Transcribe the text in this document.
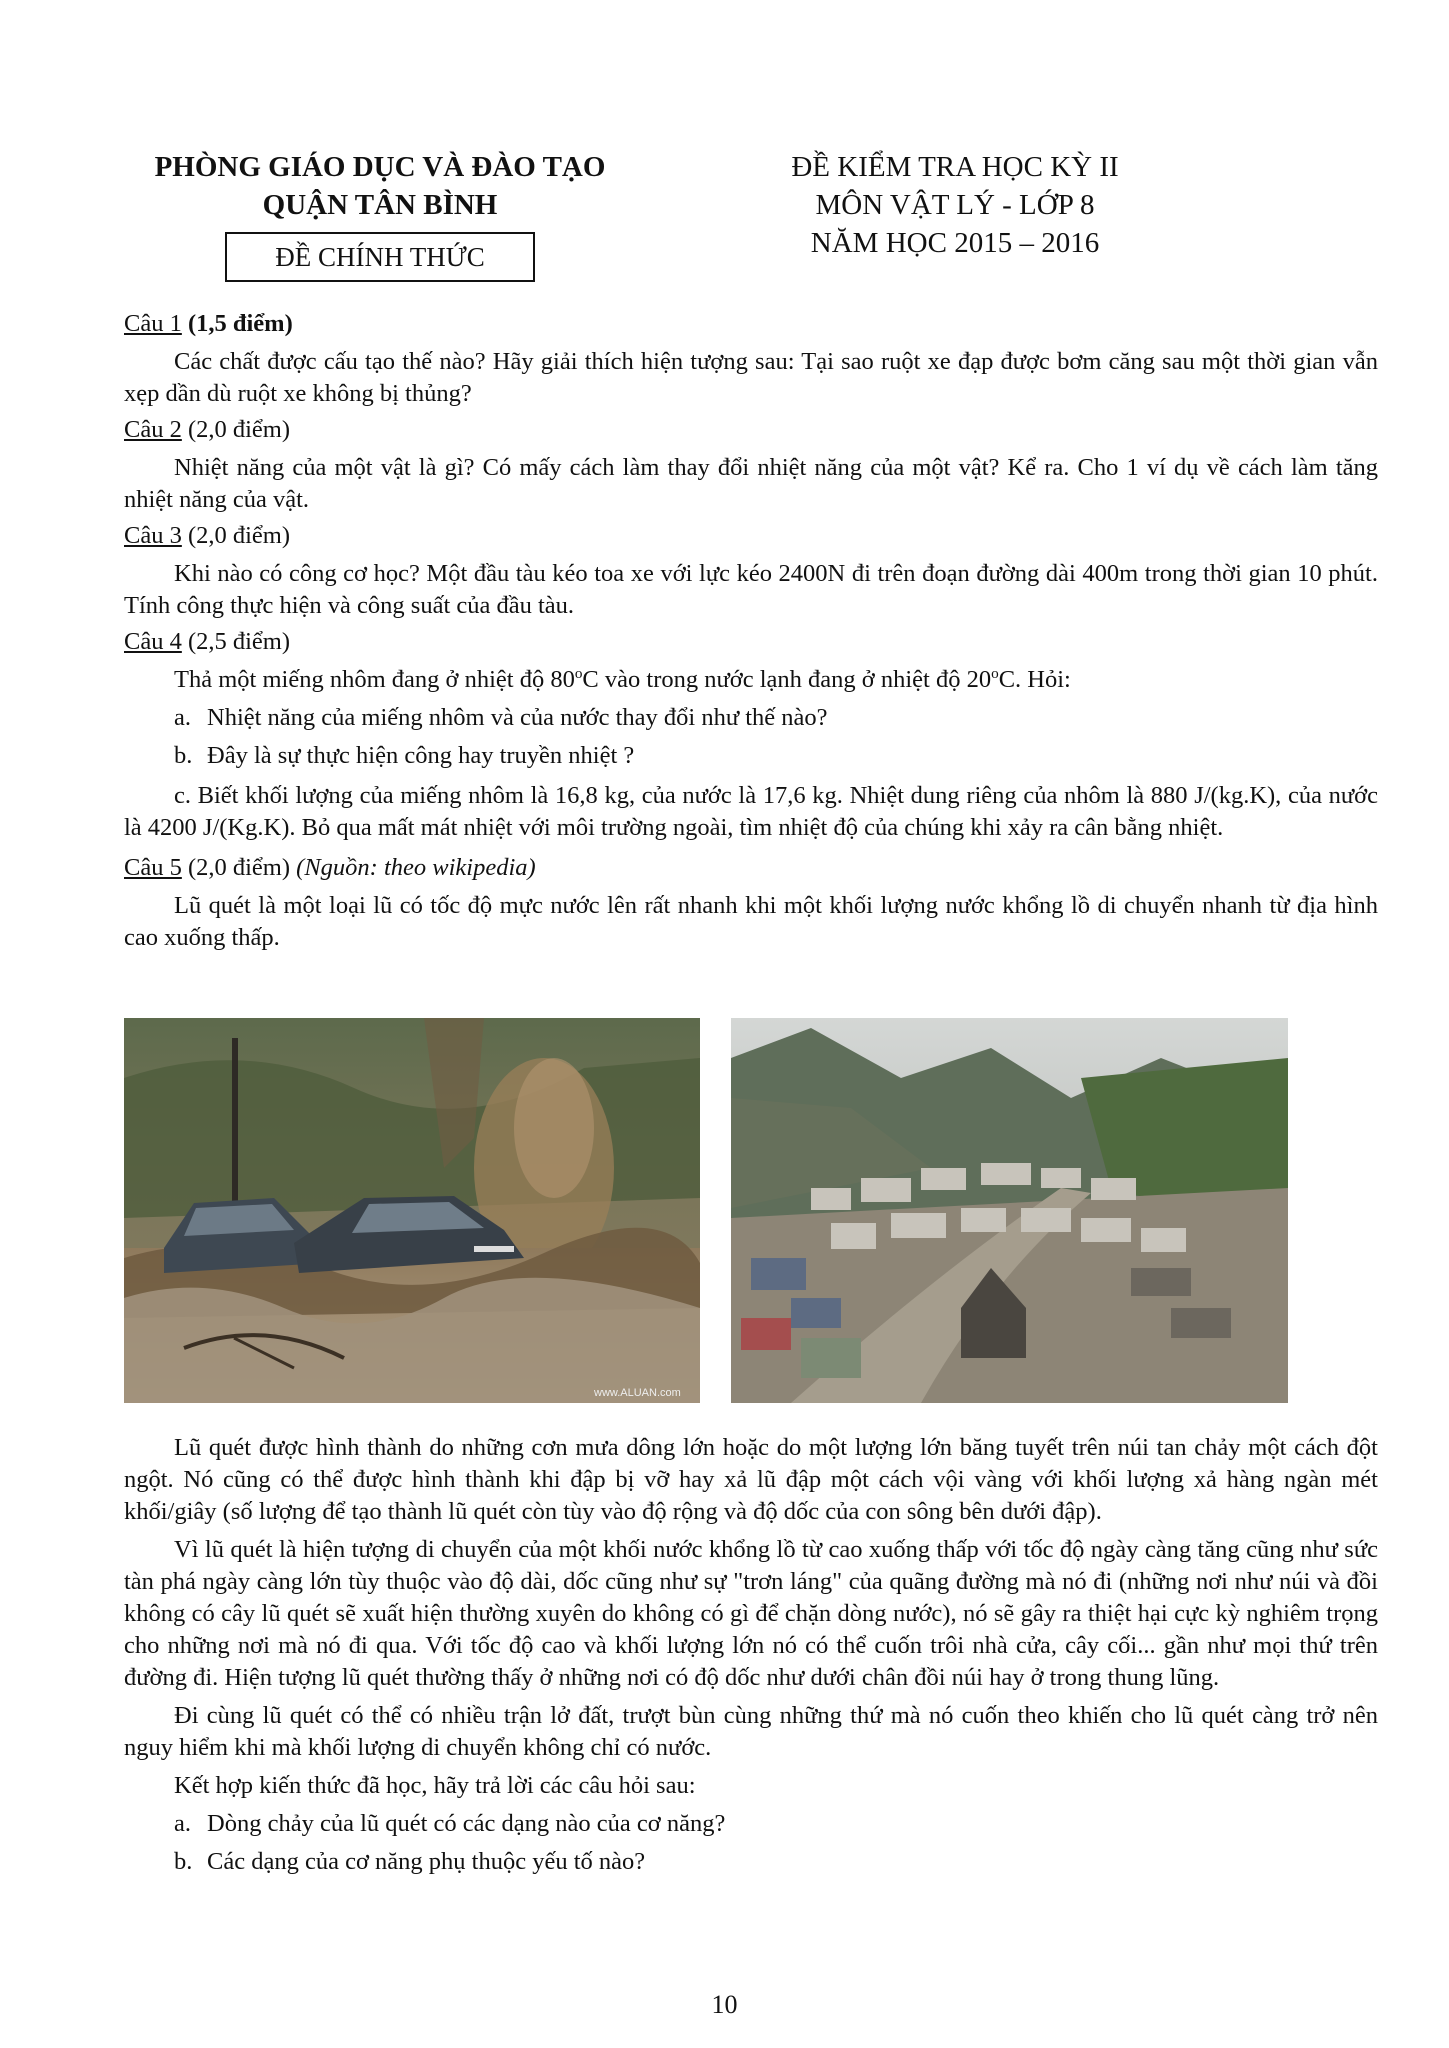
PHÒNG GIÁO DỤC VÀ ĐÀO TẠO
QUẬN TÂN BÌNH
ĐỀ CHÍNH THỨC
ĐỀ KIỂM TRA HỌC KỲ II
MÔN VẬT LÝ - LỚP 8
NĂM HỌC 2015 – 2016
Câu 1 (1,5 điểm)
Các chất được cấu tạo thế nào? Hãy giải thích hiện tượng sau: Tại sao ruột xe đạp được bơm căng sau một thời gian vẫn xẹp dần dù ruột xe không bị thủng?
Câu 2 (2,0 điểm)
Nhiệt năng của một vật là gì? Có mấy cách làm thay đổi nhiệt năng của một vật? Kể ra. Cho 1 ví dụ về cách làm tăng nhiệt năng của vật.
Câu 3 (2,0 điểm)
Khi nào có công cơ học? Một đầu tàu kéo toa xe với lực kéo 2400N đi trên đoạn đường dài 400m trong thời gian 10 phút. Tính công thực hiện và công suất của đầu tàu.
Câu 4 (2,5 điểm)
Thả một miếng nhôm đang ở nhiệt độ 80$^o$C vào trong nước lạnh đang ở nhiệt độ 20$^o$C. Hỏi:
a. Nhiệt năng của miếng nhôm và của nước thay đổi như thế nào?
b. Đây là sự thực hiện công hay truyền nhiệt ?
c. Biết khối lượng của miếng nhôm là 16,8 kg, của nước là 17,6 kg. Nhiệt dung riêng của nhôm là 880 J/(kg.K), của nước là 4200 J/(Kg.K). Bỏ qua mất mát nhiệt với môi trường ngoài, tìm nhiệt độ của chúng khi xảy ra cân bằng nhiệt.
Câu 5 (2,0 điểm) (Nguồn: theo wikipedia)
Lũ quét là một loại lũ có tốc độ mực nước lên rất nhanh khi một khối lượng nước khổng lồ di chuyển nhanh từ địa hình cao xuống thấp.
www.ALUAN.com
Lũ quét được hình thành do những cơn mưa dông lớn hoặc do một lượng lớn băng tuyết trên núi tan chảy một cách đột ngột. Nó cũng có thể được hình thành khi đập bị vỡ hay xả lũ đập một cách vội vàng với khối lượng xả hàng ngàn mét khối/giây (số lượng để tạo thành lũ quét còn tùy vào độ rộng và độ dốc của con sông bên dưới đập).
Vì lũ quét là hiện tượng di chuyển của một khối nước khổng lồ từ cao xuống thấp với tốc độ ngày càng tăng cũng như sức tàn phá ngày càng lớn tùy thuộc vào độ dài, dốc cũng như sự "trơn láng" của quãng đường mà nó đi (những nơi như núi và đồi không có cây lũ quét sẽ xuất hiện thường xuyên do không có gì để chặn dòng nước), nó sẽ gây ra thiệt hại cực kỳ nghiêm trọng cho những nơi mà nó đi qua. Với tốc độ cao và khối lượng lớn nó có thể cuốn trôi nhà cửa, cây cối... gần như mọi thứ trên đường đi. Hiện tượng lũ quét thường thấy ở những nơi có độ dốc như dưới chân đồi núi hay ở trong thung lũng.
Đi cùng lũ quét có thể có nhiều trận lở đất, trượt bùn cùng những thứ mà nó cuốn theo khiến cho lũ quét càng trở nên nguy hiểm khi mà khối lượng di chuyển không chỉ có nước.
Kết hợp kiến thức đã học, hãy trả lời các câu hỏi sau:
a. Dòng chảy của lũ quét có các dạng nào của cơ năng?
b. Các dạng của cơ năng phụ thuộc yếu tố nào?
10
